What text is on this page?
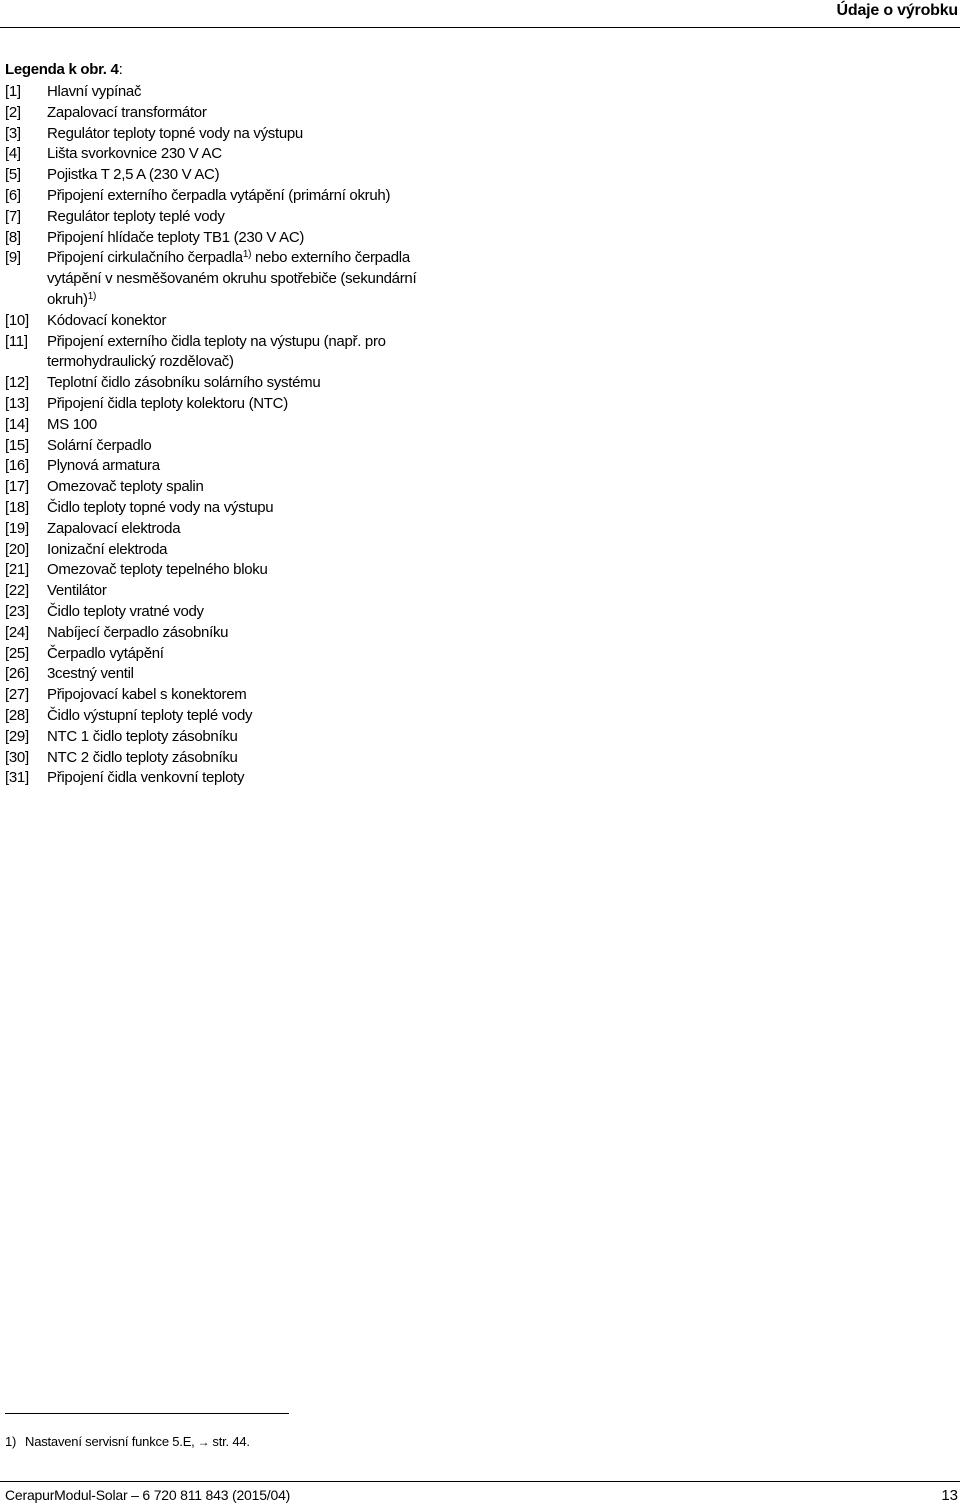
Údaje o výrobku
Legenda k obr. 4:
[1]	Hlavní vypínač
[2]	Zapalovací transformátor
[3]	Regulátor teploty topné vody na výstupu
[4]	Lišta svorkovnice 230 V AC
[5]	Pojistka T 2,5 A (230 V AC)
[6]	Připojení externího čerpadla vytápění (primární okruh)
[7]	Regulátor teploty teplé vody
[8]	Připojení hlídače teploty TB1 (230 V AC)
[9]	Připojení cirkulačního čerpadla$^{1)}$ nebo externího čerpadla vytápění v nesměšovaném okruhu spotřebiče (sekundární okruh)$^{1)}$
[10]	Kódovací konektor
[11]	Připojení externího čidla teploty na výstupu (např. pro termohydraulický rozdělovač)
[12]	Teplotní čidlo zásobníku solárního systému
[13]	Připojení čidla teploty kolektoru (NTC)
[14]	MS 100
[15]	Solární čerpadlo
[16]	Plynová armatura
[17]	Omezovač teploty spalin
[18]	Čidlo teploty topné vody na výstupu
[19]	Zapalovací elektroda
[20]	Ionizační elektroda
[21]	Omezovač teploty tepelného bloku
[22]	Ventilátor
[23]	Čidlo teploty vratné vody
[24]	Nabíjecí čerpadlo zásobníku
[25]	Čerpadlo vytápění
[26]	3cestný ventil
[27]	Připojovací kabel s konektorem
[28]	Čidlo výstupní teploty teplé vody
[29]	NTC 1 čidlo teploty zásobníku
[30]	NTC 2 čidlo teploty zásobníku
[31]	Připojení čidla venkovní teploty
1) Nastavení servisní funkce 5.E, → str. 44.
CerapurModul-Solar – 6 720 811 843 (2015/04)	13
